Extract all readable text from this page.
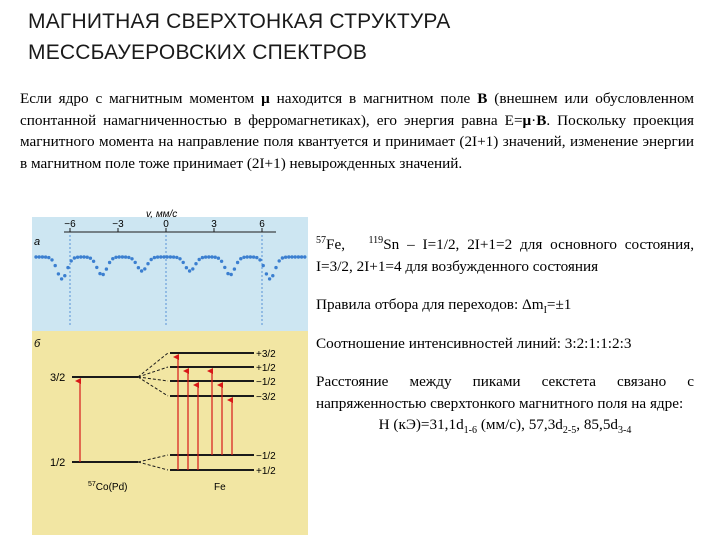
МАГНИТНАЯ СВЕРХТОНКАЯ СТРУКТУРА
МЕССБАУЕРОВСКИХ СПЕКТРОВ

Если ядро с магнитным моментом μ находится в магнитном поле B (внешнем или обусловленном спонтанной намагниченностью в ферромагнетиках), его энергия равна E=μ·B. Поскольку проекция магнитного момента на направление поля квантуется и принимает (2I+1) значений, изменение энергии в магнитном поле тоже принимает (2I+1) невырожденных значений.

v, мм/с
−6	−3	0	3	6
а
б
3/2
1/2
+3/2
+1/2
−1/2
−3/2
−1/2
+1/2
$^{57}$Co(Pd)	Fe

$^{57}$Fe, $^{119}$Sn – I=1/2, 2I+1=2 для основного состояния, I=3/2, 2I+1=4 для возбужденного состояния

Правила отбора для переходов: $\Delta m_I=\pm 1$

Соотношение интенсивностей линий: 3:2:1:1:2:3

Расстояние между пиками секстета связано с напряженностью сверхтонкого магнитного поля на ядре:

H $(кЭ)=31,1d_{1-6}$ (мм/с), $57,3d_{2-5}$, $85,5d_{3-4}$
